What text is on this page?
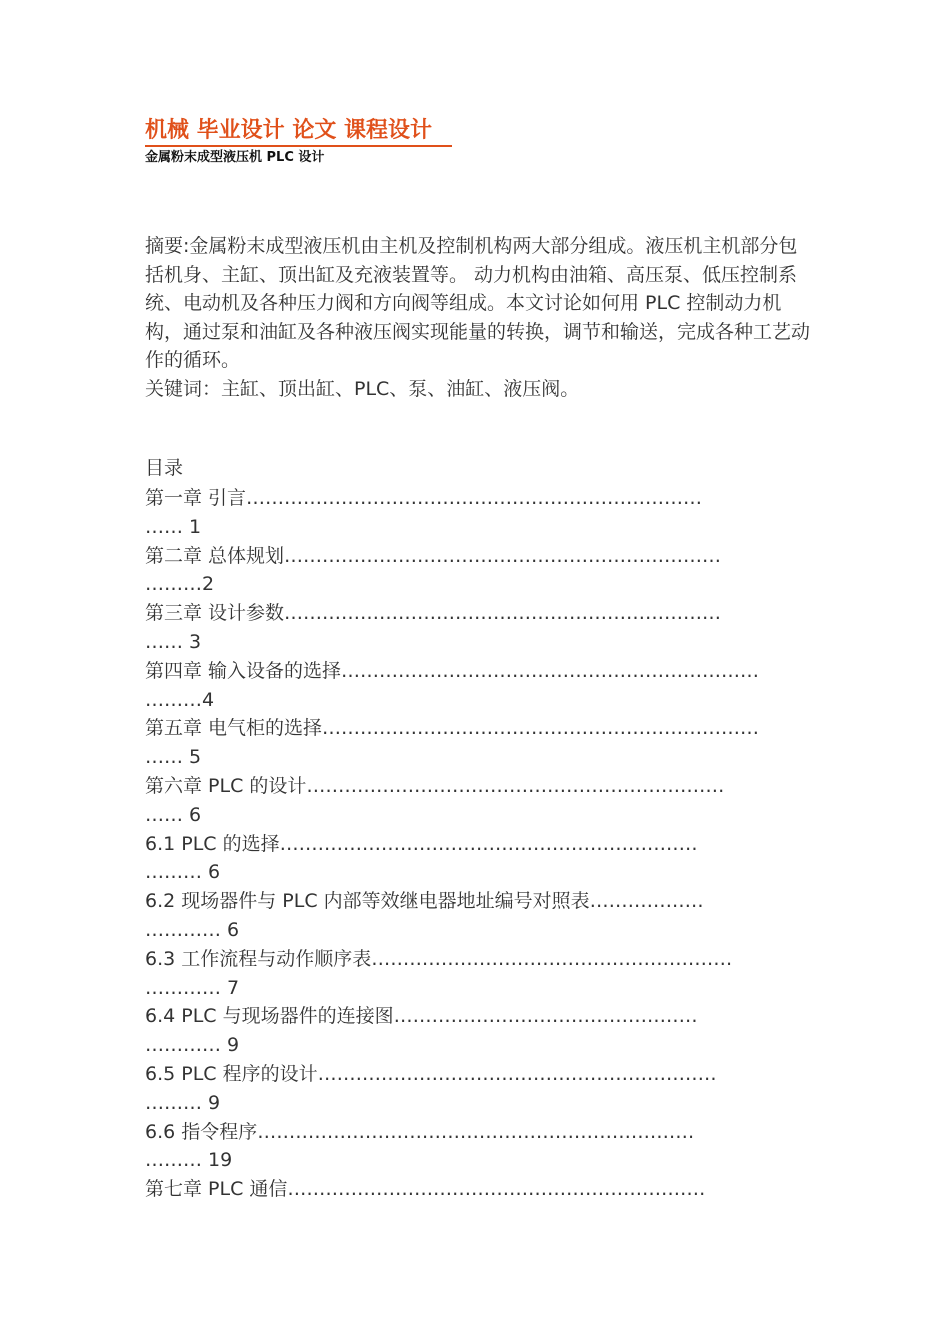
机械 毕业设计 论文 课程设计
金属粉末成型液压机 PLC 设计

摘要:金属粉末成型液压机由主机及控制机构两大部分组成。液压机主机部分包括机身、主缸、顶出缸及充液装置等。 动力机构由油箱、高压泵、低压控制系统、电动机及各种压力阀和方向阀等组成。本文讨论如何用 PLC 控制动力机构，通过泵和油缸及各种液压阀实现能量的转换，调节和输送，完成各种工艺动作的循环。

关键词：主缸、顶出缸、PLC、泵、油缸、液压阀。

目录
第一章 引言………………………………………………………………
…… 1
第二章 总体规划……………………………………………………………
………2
第三章 设计参数……………………………………………………………
…… 3
第四章 输入设备的选择…………………………………………………………
………4
第五章 电气柜的选择……………………………………………………………
…… 5
第六章 PLC 的设计…………………………………………………………
…… 6
6.1 PLC 的选择…………………………………………………………
……… 6
6.2 现场器件与 PLC 内部等效继电器地址编号对照表………………
………… 6
6.3 工作流程与动作顺序表…………………………………………………
………… 7
6.4 PLC 与现场器件的连接图…………………………………………
………… 9
6.5 PLC 程序的设计………………………………………………………
……… 9
6.6 指令程序……………………………………………………………
……… 19
第七章 PLC 通信…………………………………………………………
